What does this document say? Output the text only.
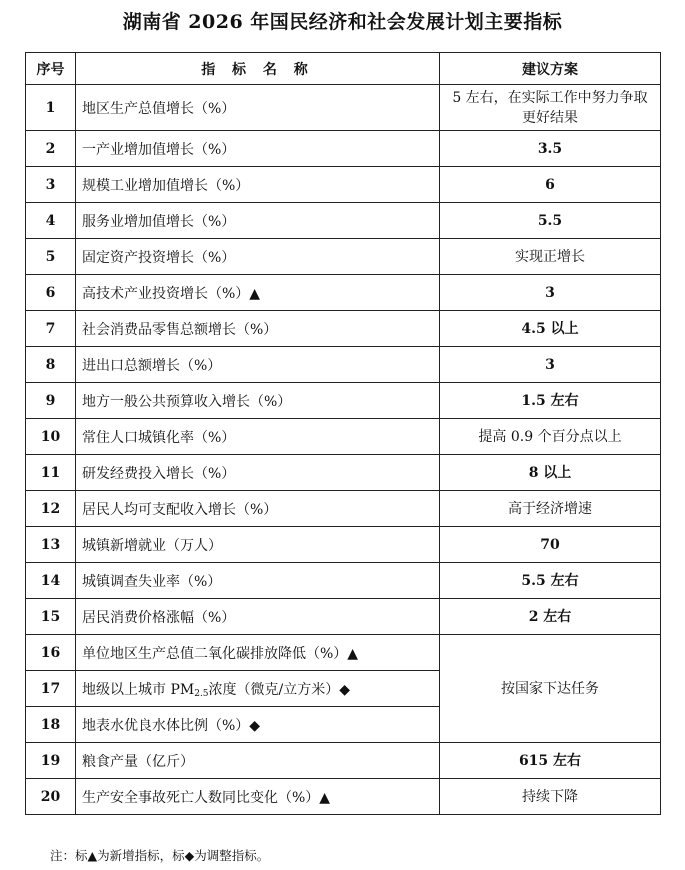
湖南省 2026 年国民经济和社会发展计划主要指标
序号	指 标 名 称	建议方案
1	地区生产总值增长（%）	5 左右，在实际工作中努力争取更好结果
2	一产业增加值增长（%）	3.5
3	规模工业增加值增长（%）	6
4	服务业增加值增长（%）	5.5
5	固定资产投资增长（%）	实现正增长
6	高技术产业投资增长（%）▲	3
7	社会消费品零售总额增长（%）	4.5 以上
8	进出口总额增长（%）	3
9	地方一般公共预算收入增长（%）	1.5 左右
10	常住人口城镇化率（%）	提高 0.9 个百分点以上
11	研发经费投入增长（%）	8 以上
12	居民人均可支配收入增长（%）	高于经济增速
13	城镇新增就业（万人）	70
14	城镇调查失业率（%）	5.5 左右
15	居民消费价格涨幅（%）	2 左右
16	单位地区生产总值二氧化碳排放降低（%）▲	按国家下达任务
17	地级以上城市 $PM_{2.5}$浓度（微克/立方米）◆	
18	地表水优良水体比例（%）◆	
19	粮食产量（亿斤）	615 左右
20	生产安全事故死亡人数同比变化（%）▲	持续下降
注：标▲为新增指标，标◆为调整指标。
